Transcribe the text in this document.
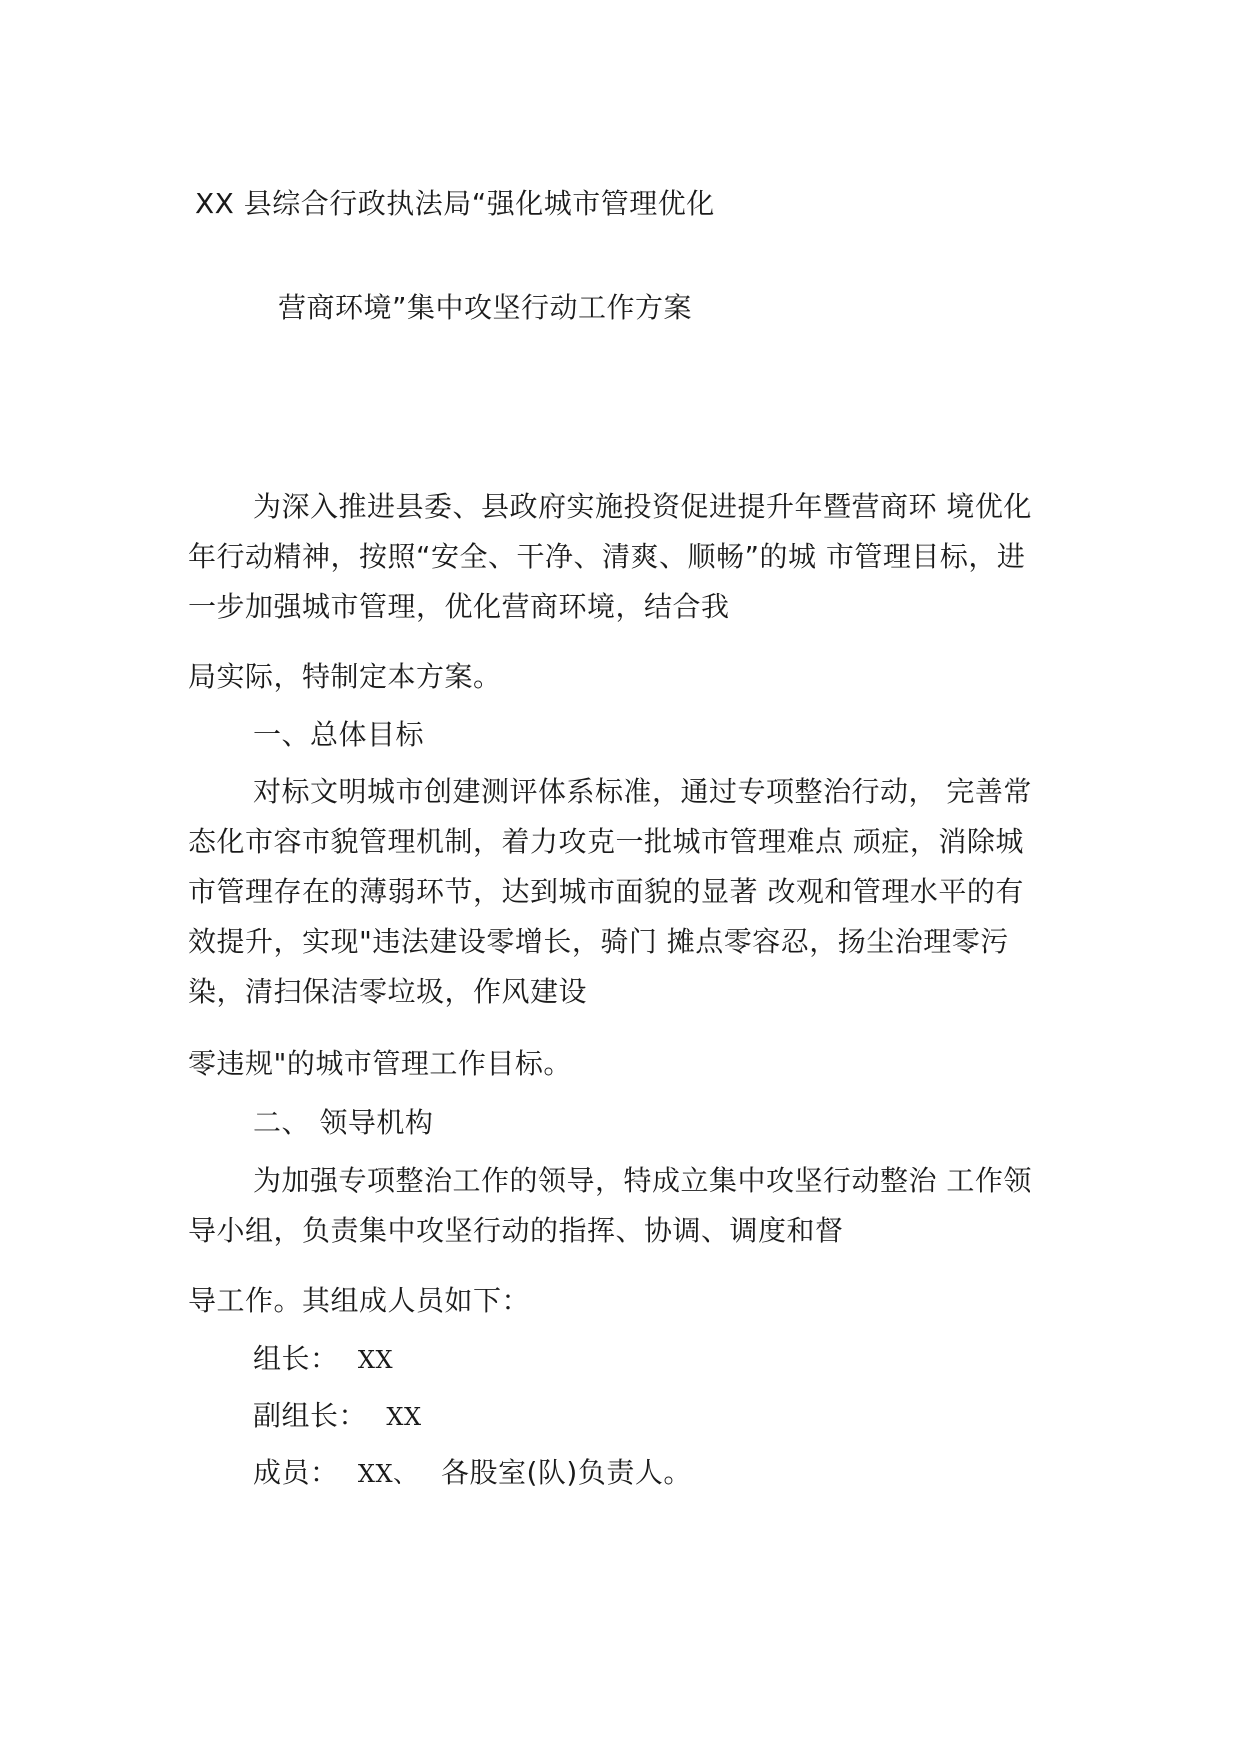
XX 县综合行政执法局“强化城市管理优化
营商环境”集中攻坚行动工作方案
为深入推进县委、县政府实施投资促进提升年暨营商环 境优化
年行动精神，按照“安全、干净、清爽、顺畅”的城 市管理目标，进
一步加强城市管理，优化营商环境，结合我
局实际，特制定本方案。
一、总体目标
对标文明城市创建测评体系标准，通过专项整治行动， 完善常
态化市容市貌管理机制，着力攻克一批城市管理难点 顽症，消除城
市管理存在的薄弱环节，达到城市面貌的显著 改观和管理水平的有
效提升，实现"违法建设零增长，骑门 摊点零容忍，扬尘治理零污
染，清扫保洁零垃圾，作风建设
零违规"的城市管理工作目标。
二、 领导机构
为加强专项整治工作的领导，特成立集中攻坚行动整治 工作领
导小组，负责集中攻坚行动的指挥、协调、调度和督
导工作。其组成人员如下：
组长： XX
副组长： XX
成员： XX、 各股室(队)负责人。
